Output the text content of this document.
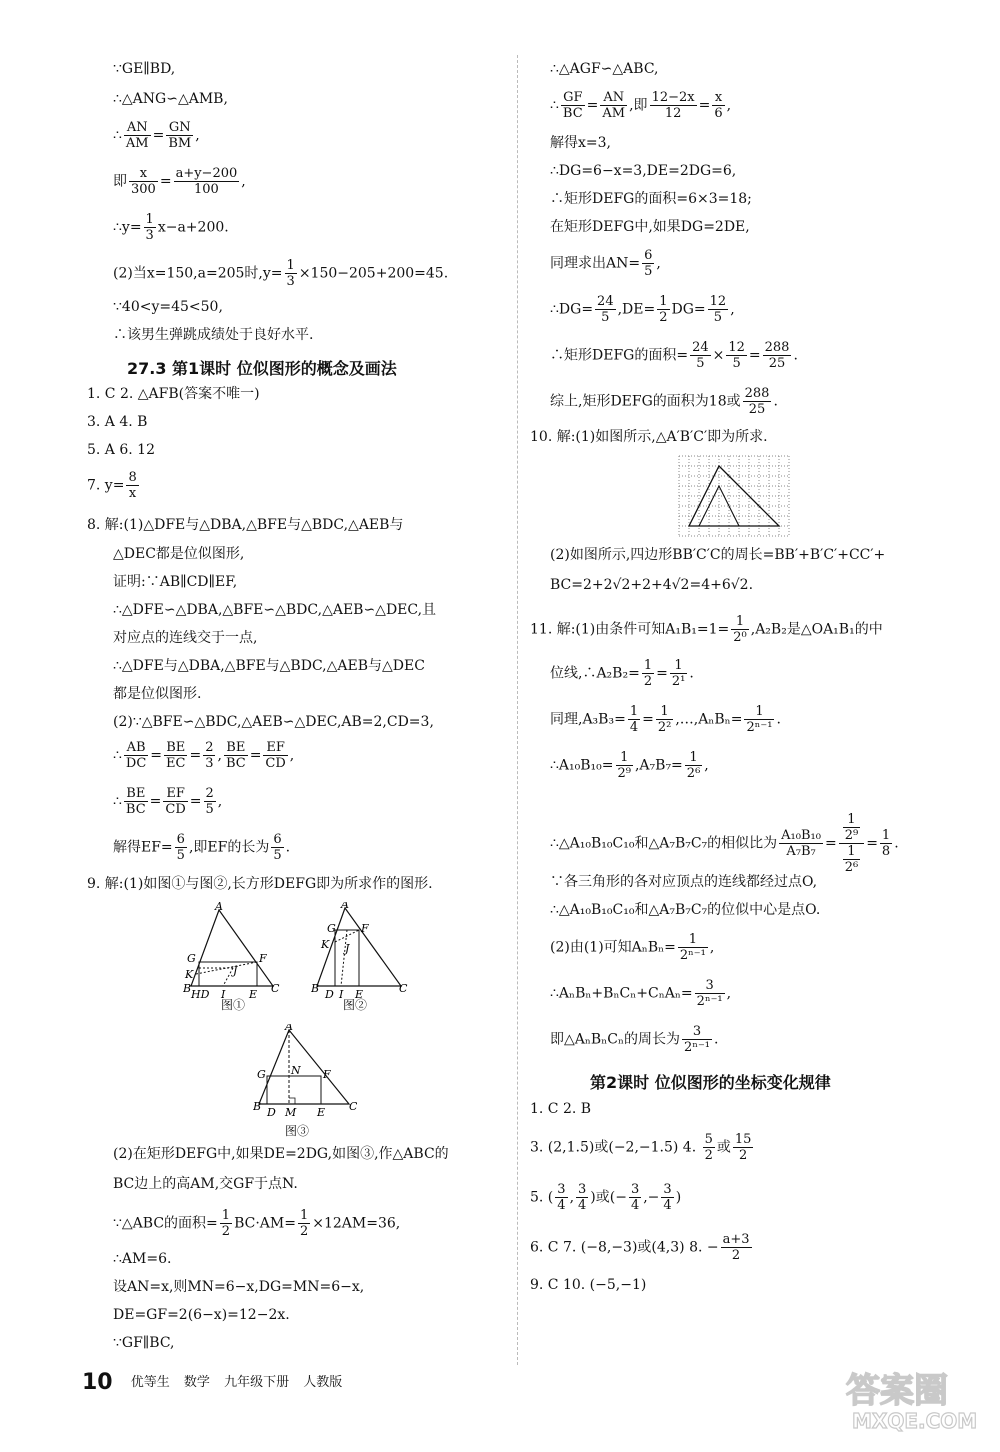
∵GE∥BD,
∴△ANG∽△AMB,
∴ $\frac{AN}{AM} = \frac{GN}{BM}$ ,
即 $\frac{x}{300} = \frac{a+y-200}{100}$ ,
∴y= $\frac{1}{3} x-a+200$.
(2)当x=150,a=205时$,y= \frac{1}{3} \times 150-205+200=45$.
∵40<y=45<50,
∴该男生弹跳成绩处于良好水平.
27.3 第1课时 位似图形的概念及画法
1. C 2. △AFB(答案不唯一)
3. A 4. B
5. A 6. 12
7. $y= \frac{8}{x}$
8. 解:(1)△DFE与△DBA,△BFE与△BDC,△AEB与
△DEC都是位似图形,
证明:∵AB∥CD∥EF,
∴△DFE∽△DBA,△BFE∽△BDC,△AEB∽△DEC,且
对应点的连线交于一点,
∴△DFE与△DBA,△BFE与△BDC,△AEB与△DEC
都是位似图形.
(2)∵△BFE∽△BDC,△AEB∽△DEC,AB=2,CD=3,
∴ $\frac{AB}{DC} = \frac{BE}{EC} = \frac{2}{3}$ , $\frac{BE}{BC} = \frac{EF}{CD}$ ,
∴ $\frac{BE}{BC} = \frac{EF}{CD} = \frac{2}{5}$ ,
解得$EF= \frac{6}{5}$ ,即EF的长为 $\frac{6}{5}$ .
9. 解:(1)如图①与图②,长方形DEFG即为所求作的图形.
A
G	F
K	J
B	C
HD I E
图①
A
G F
K J
B	C
D I E
图②
A
G N F
B	C
D M E
图③
(2)在矩形DEFG中,如果DE=2DG,如图③,作△ABC的
BC边上的高AM,交GF于点N.
∵△ABC的面积= $\frac{1}{2} BC\cdot AM= \frac{1}{2} \times 12AM=36$,
∴AM=6.
设AN=x,则MN=6−x,DG=MN=6−x,
DE=GF=2(6−x)=12−2x.
∵GF∥BC,
∴△AGF∽△ABC,
∴ $\frac{GF}{BC} = \frac{AN}{AM}$ ,即 $\frac{12-2x}{12} = \frac{x}{6}$ ,
解得x=3,
∴DG=6−x=3,DE=2DG=6,
∴矩形DEFG的面积=6×3=18;
在矩形DEFG中,如果DG=2DE,
同理求出$AN= \frac{6}{5}$ ,
∴DG= $\frac{24}{5} ,DE= \frac{1}{2} DG= \frac{12}{5}$ ,
∴矩形DEFG的面积= $\frac{24}{5} \times \frac{12}{5} = \frac{288}{25}$ .
综上,矩形DEFG的面积为18或 $\frac{288}{25}$ .
10. 解:(1)如图所示,△A′B′C′即为所求.
(2)如图所示,四边形BB′C′C的周长=BB′+B′C′+CC′+
BC=2+2√2+2+4√2=4+6√2.
11. 解:(1)由条件可知$A_1B_1=1= \frac{1}{\text{2⁰}} ,A_2B_2$是△OA₁B₁的中
位线,∴A₂B₂= $\frac{1}{2} = \frac{1}{\text{2¹}}$ .
同理$,A_3B_3= \frac{1}{4} = \frac{1}{\text{2²}}$ ,…,AₙBₙ= $\frac{1}{\text{2ⁿ⁻¹}}$ .
∴A₁₀B₁₀= $\frac{1}{\text{2⁹}} ,A_7B_7= \frac{1}{\text{2⁶}}$ ,
∴△A₁₀B₁₀C₁₀和△A₇B₇C₇的相似比为 $\frac{\text{A₁₀B₁₀}}{\text{A₇B₇}} = \frac{\frac{1}{\text{2⁹}}}{\frac{1}{\text{2⁶}}} = \frac{1}{8}$ .
∵各三角形的各对应顶点的连线都经过点O,
∴△A₁₀B₁₀C₁₀和△A₇B₇C₇的位似中心是点O.
(2)由(1)可知$A_nB_n= \frac{1}{\text{2ⁿ⁻¹}}$ ,
∴AₙBₙ+BₙCₙ+CₙAₙ= $\frac{3}{\text{2ⁿ⁻¹}}$ ,
即△AₙBₙCₙ的周长为 $\frac{3}{\text{2ⁿ⁻¹}}$ .
第2课时 位似图形的坐标变化规律
1. C 2. B
3. (2,1.5)或(−2,−1.5) 4. $\frac{5}{2}$ 或 $\frac{15}{2}$
5. ( $\frac{3}{4}$ , $\frac{3}{4}$ )或(− $\frac{3}{4}$ ,− $\frac{3}{4}$ )
6. C 7. (−8,−3)或(4,3) 8. − $\frac{a+3}{2}$
9. C 10. (−5,−1)
10 优等生 数学 九年级下册 人教版	答案圈
MXQE.COM
